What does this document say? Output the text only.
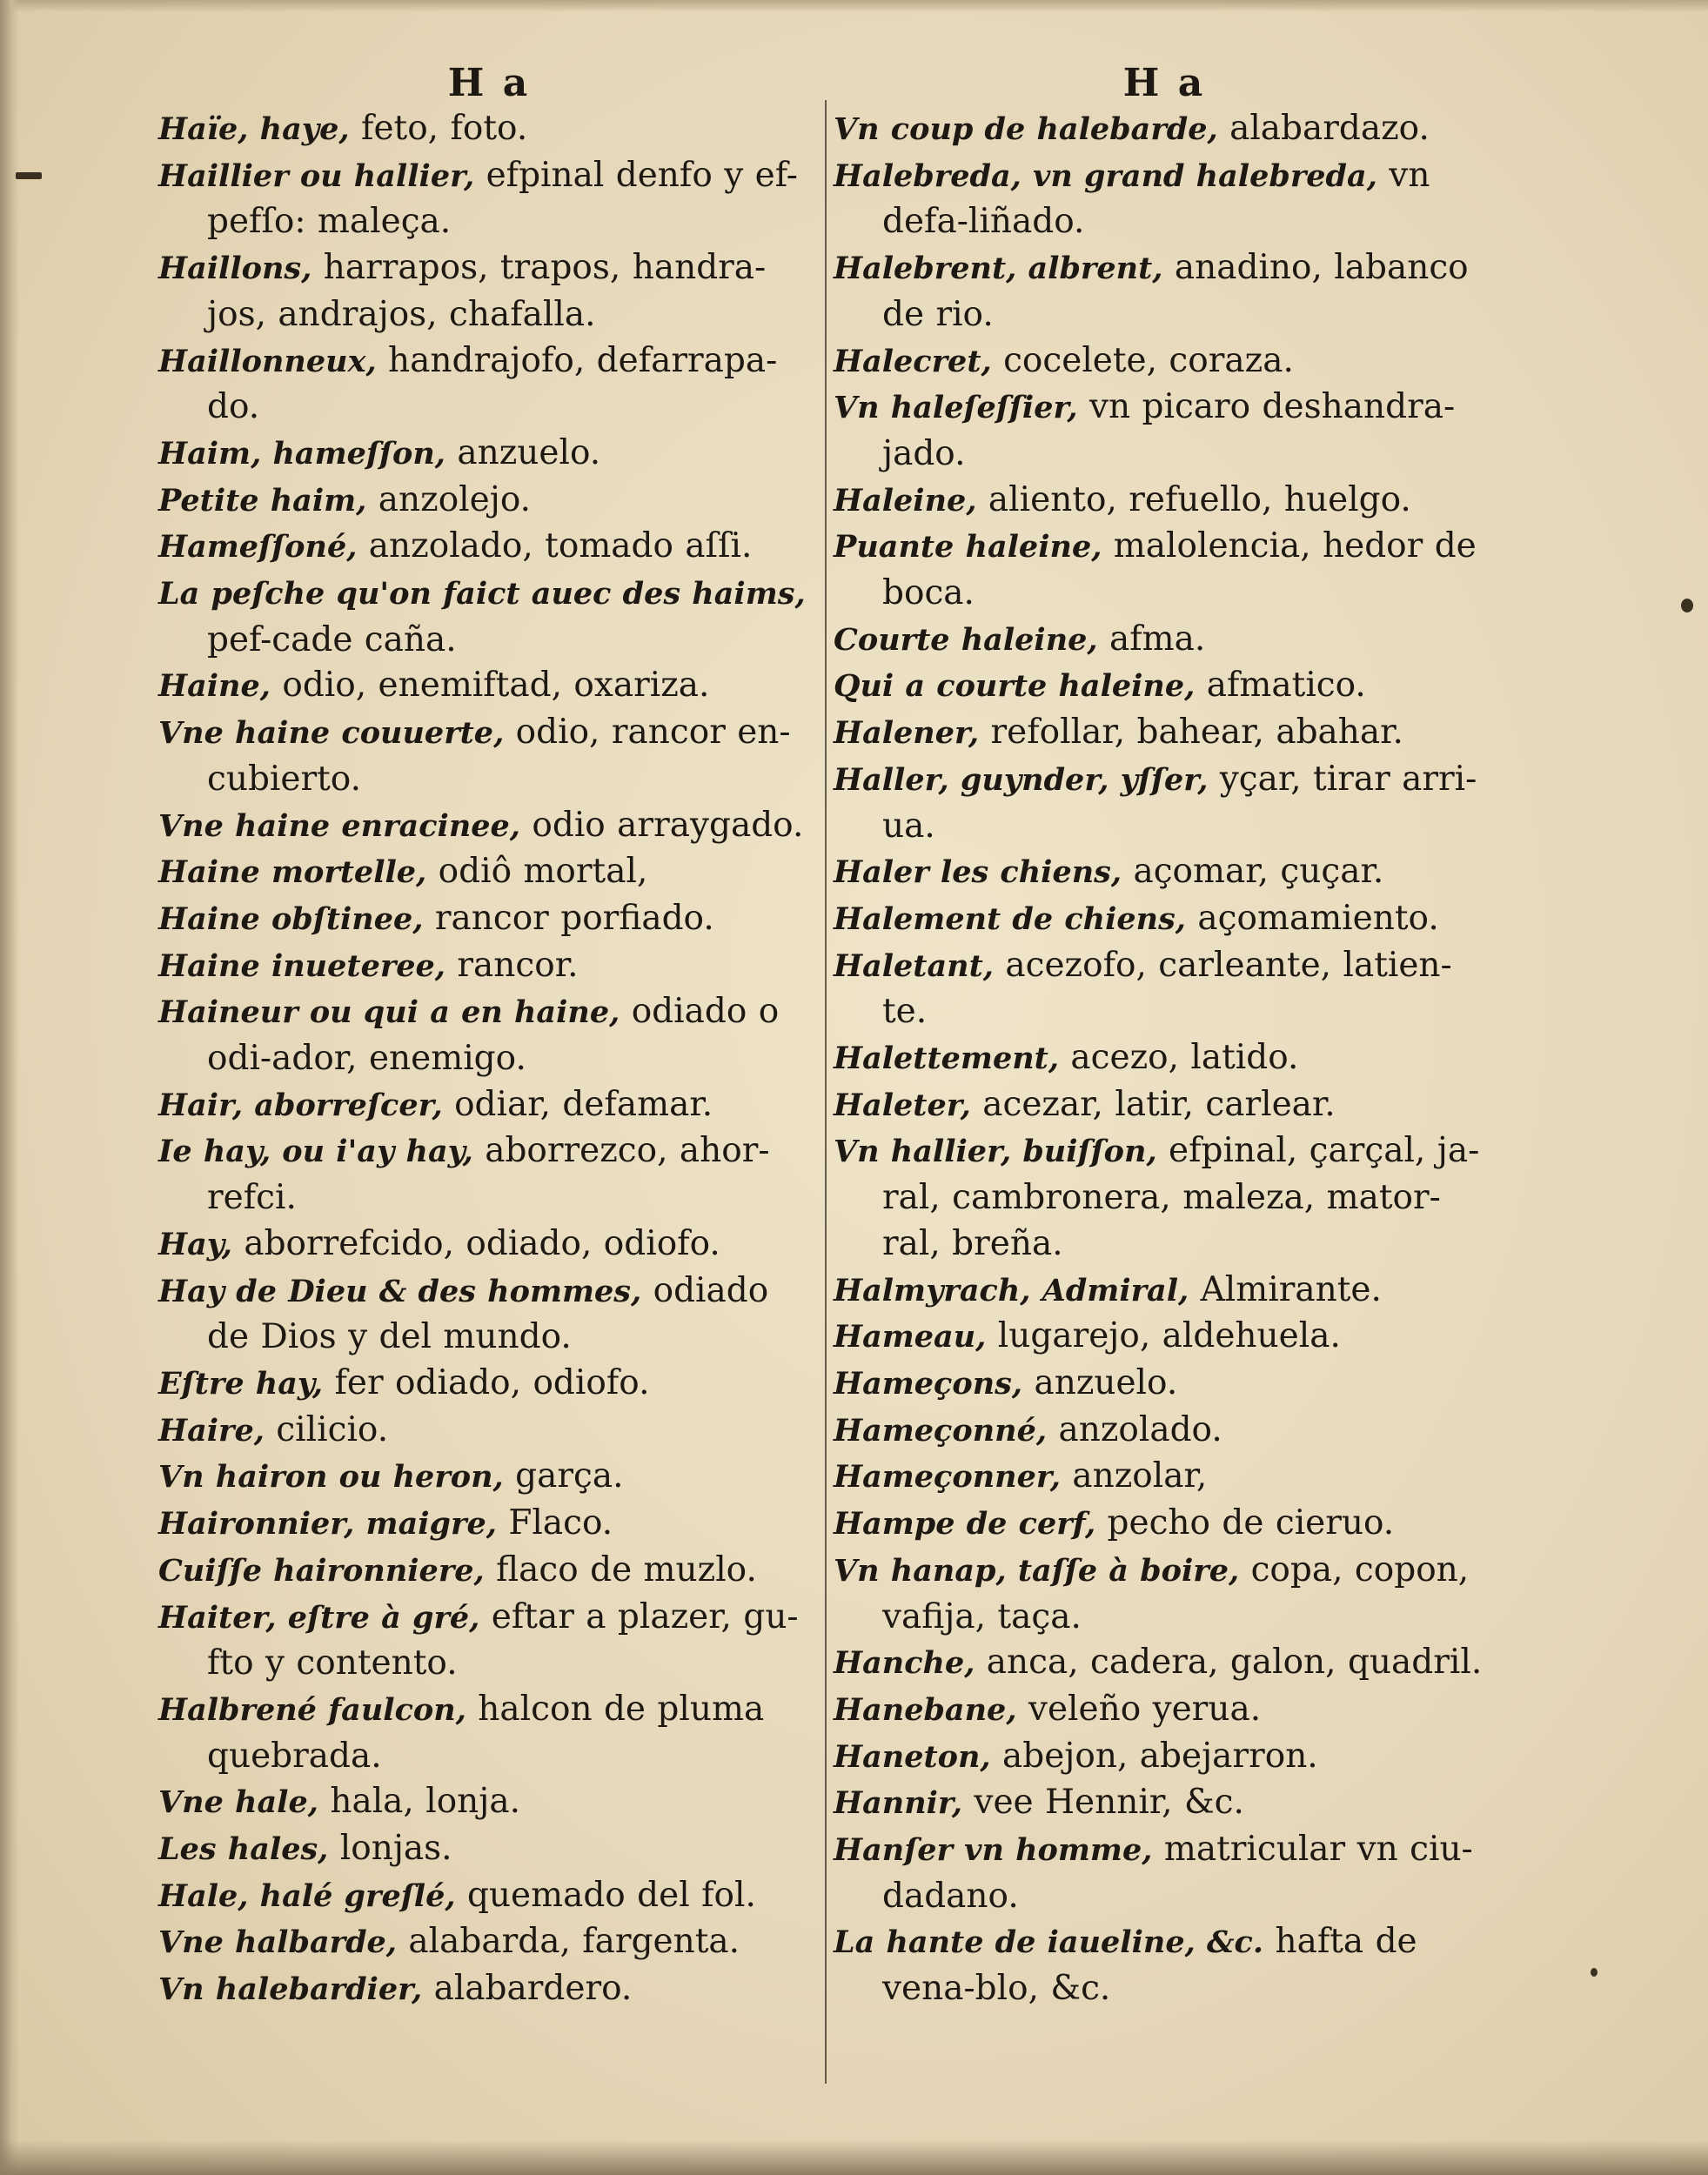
H a
Haïe, haye, feto, foto.
Haillier ou hallier, efpinal denfo y ef-pefſo: maleça.
Haillons, harrapos, trapos, handra-jos, andrajos, chafalla.
Haillonneux, handrajofo, defarrapa-do.
Haim, hameſſon, anzuelo.
Petite haim, anzolejo.
Hameſſoné, anzolado, tomado aſſi.
La peſche qu'on faict auec des haims, pef-cade caña.
Haine, odio, enemiftad, oxariza.
Vne haine couuerte, odio, rancor en-cubierto.
Vne haine enracinee, odio arraygado.
Haine mortelle, odiô mortal,
Haine obſtinee, rancor porfiado.
Haine inueteree, rancor.
Haineur ou qui a en haine, odiado o odi-ador, enemigo.
Hair, aborreſcer, odiar, defamar.
Ie hay, ou i'ay hay, aborrezco, ahor-refci.
Hay, aborrefcido, odiado, odiofo.
Hay de Dieu & des hommes, odiado de Dios y del mundo.
Eſtre hay, fer odiado, odiofo.
Haire, cilicio.
Vn hairon ou heron, garça.
Haironnier, maigre, Flaco.
Cuiſſe haironniere, flaco de muzlo.
Haiter, eſtre à gré, eftar a plazer, gu-fto y contento.
Halbrené faulcon, halcon de pluma quebrada.
Vne hale, hala, lonja.
Les hales, lonjas.
Hale, halé greſlé, quemado del fol.
Vne halbarde, alabarda, fargenta.
Vn halebardier, alabardero.
H a
Vn coup de halebarde, alabardazo.
Halebreda, vn grand halebreda, vn defa-liñado.
Halebrent, albrent, anadino, labanco de rio.
Halecret, cocelete, coraza.
Vn haleſeſſier, vn picaro deshandra-jado.
Haleine, aliento, refuello, huelgo.
Puante haleine, malolencia, hedor de boca.
Courte haleine, afma.
Qui a courte haleine, afmatico.
Halener, refollar, bahear, abahar.
Haller, guynder, yſſer, yçar, tirar arri-ua.
Haler les chiens, açomar, çuçar.
Halement de chiens, açomamiento.
Haletant, acezofo, carleante, latien-te.
Halettement, acezo, latido.
Haleter, acezar, latir, carlear.
Vn hallier, buiſſon, efpinal, çarçal, ja-ral, cambronera, maleza, mator-ral, breña.
Halmyrach, Admiral, Almirante.
Hameau, lugarejo, aldehuela.
Hameçons, anzuelo.
Hameçonné, anzolado.
Hameçonner, anzolar,
Hampe de cerf, pecho de cieruo.
Vn hanap, taſſe à boire, copa, copon, vafija, taça.
Hanche, anca, cadera, galon, quadril.
Hanebane, veleño yerua.
Haneton, abejon, abejarron.
Hannir, vee Hennir, &c.
Hanſer vn homme, matricular vn ciu-dadano.
La hante de iaueline, &c. hafta de vena-blo, &c.
